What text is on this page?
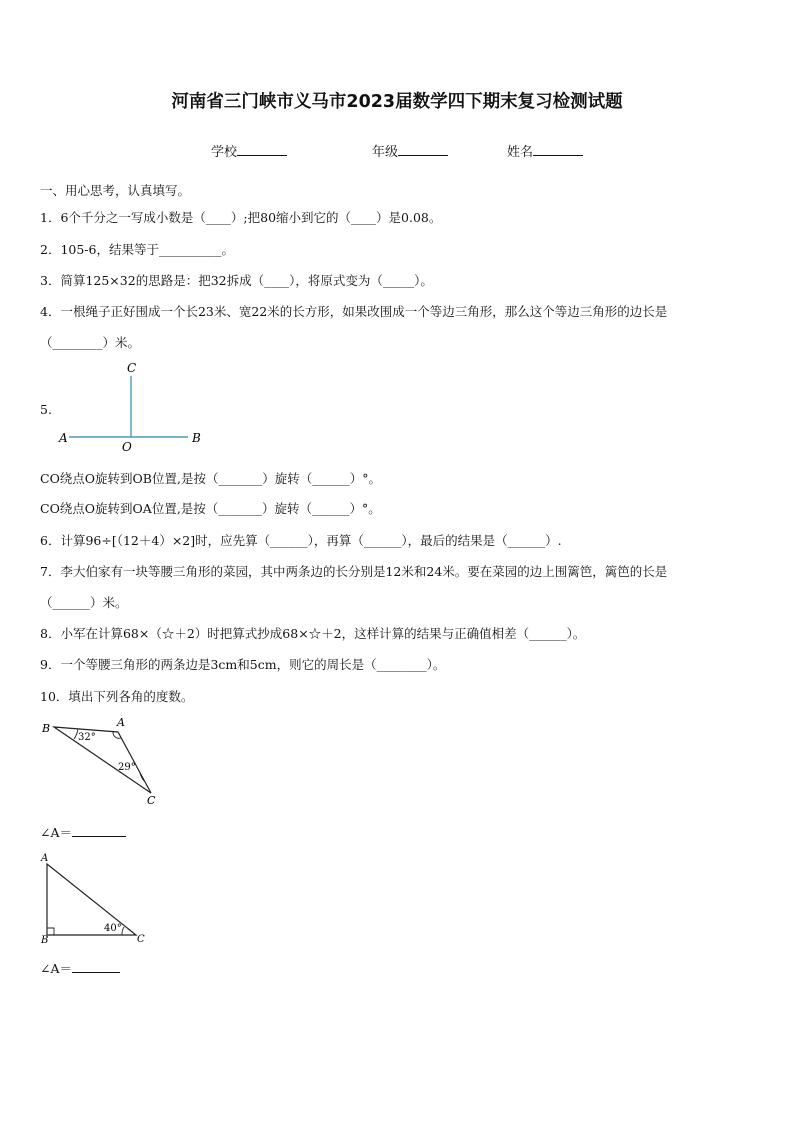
河南省三门峡市义马市2023届数学四下期末复习检测试题
学校	年级	姓名
一、用心思考，认真填写。
1．6个千分之一写成小数是（____）;把80缩小到它的（____）是0.08。
2．105-6，结果等于__________。
3．简算125×32的思路是：把32拆成（____），将原式变为（_____）。
4．一根绳子正好围成一个长23米、宽22米的长方形，如果改围成一个等边三角形，那么这个等边三角形的边长是
（________）米。
5.
C
A
O
B
CO绕点O旋转到OB位置,是按（_______）旋转（______）°。
CO绕点O旋转到OA位置,是按（_______）旋转（______）°。
6．计算96÷[（12＋4）×2]时，应先算（______），再算（______），最后的结果是（______）.
7．李大伯家有一块等腰三角形的菜园，其中两条边的长分别是12米和24米。要在菜园的边上围篱笆，篱笆的长是
（______）米。
8．小军在计算68×（☆＋2）时把算式抄成68×☆＋2，这样计算的结果与正确值相差（______）。
9．一个等腰三角形的两条边是3cm和5cm，则它的周长是（________）。
10．填出下列各角的度数。
B	A
C
32°
29°
∠A＝
A
B	C
40°
∠A＝
